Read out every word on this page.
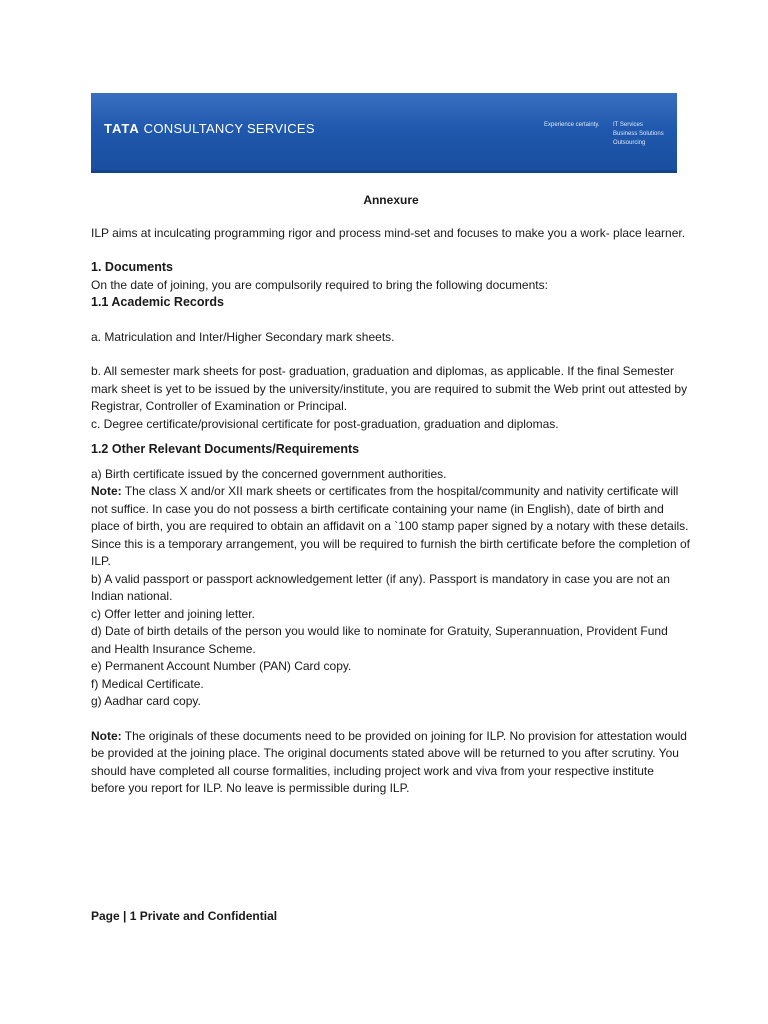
TATA CONSULTANCY SERVICES	Experience certainty. IT Services
Business Solutions
Outsourcing
Annexure

ILP aims at inculcating programming rigor and process mind-set and focuses to make you a work- place learner.

1. Documents

On the date of joining, you are compulsorily required to bring the following documents:

1.1 Academic Records

a. Matriculation and Inter/Higher Secondary mark sheets.

b. All semester mark sheets for post- graduation, graduation and diplomas, as applicable. If the final Semester mark sheet is yet to be issued by the university/institute, you are required to submit the Web print out attested by Registrar, Controller of Examination or Principal.

c. Degree certificate/provisional certificate for post-graduation, graduation and diplomas.

1.2 Other Relevant Documents/Requirements

a) Birth certificate issued by the concerned government authorities.

Note: The class X and/or XII mark sheets or certificates from the hospital/community and nativity certificate will not suffice. In case you do not possess a birth certificate containing your name (in English), date of birth and place of birth, you are required to obtain an affidavit on a `100 stamp paper signed by a notary with these details. Since this is a temporary arrangement, you will be required to furnish the birth certificate before the completion of ILP.

b) A valid passport or passport acknowledgement letter (if any). Passport is mandatory in case you are not an Indian national.

c) Offer letter and joining letter.

d) Date of birth details of the person you would like to nominate for Gratuity, Superannuation, Provident Fund and Health Insurance Scheme.

e) Permanent Account Number (PAN) Card copy.

f) Medical Certificate.

g) Aadhar card copy.

Note: The originals of these documents need to be provided on joining for ILP. No provision for attestation would be provided at the joining place. The original documents stated above will be returned to you after scrutiny. You should have completed all course formalities, including project work and viva from your respective institute before you report for ILP. No leave is permissible during ILP.

Page | 1 Private and Confidential
